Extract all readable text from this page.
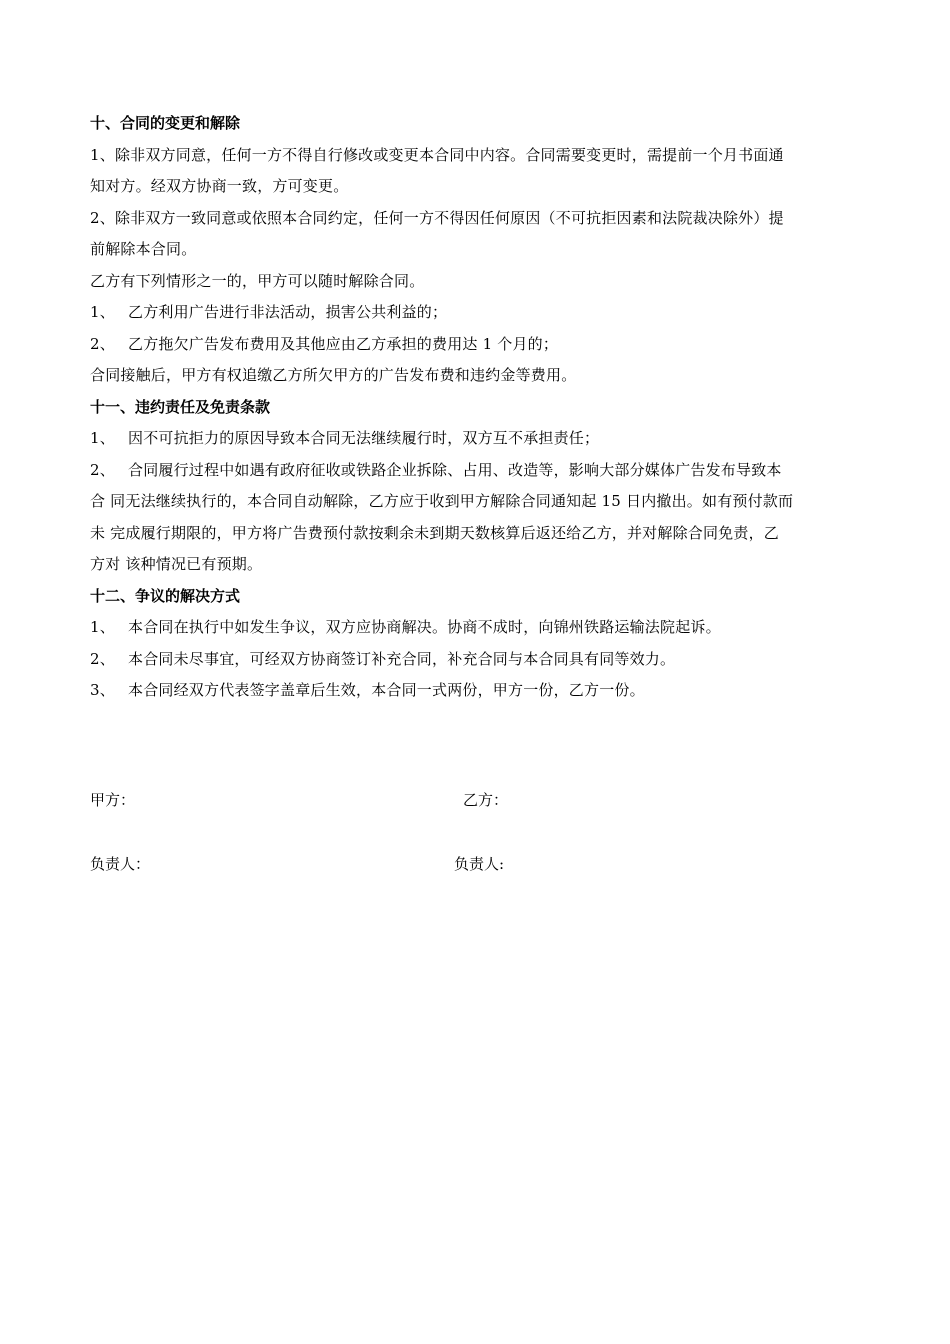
十、合同的变更和解除
1、除非双方同意，任何一方不得自行修改或变更本合同中内容。合同需要变更时，需提前一个月书面通
知对方。经双方协商一致，方可变更。
2、除非双方一致同意或依照本合同约定，任何一方不得因任何原因（不可抗拒因素和法院裁决除外）提
前解除本合同。
乙方有下列情形之一的，甲方可以随时解除合同。
1、 乙方利用广告进行非法活动，损害公共利益的；
2、 乙方拖欠广告发布费用及其他应由乙方承担的费用达 1 个月的；
合同接触后，甲方有权追缴乙方所欠甲方的广告发布费和违约金等费用。
十一、违约责任及免责条款
1、 因不可抗拒力的原因导致本合同无法继续履行时，双方互不承担责任；
2、 合同履行过程中如遇有政府征收或铁路企业拆除、占用、改造等，影响大部分媒体广告发布导致本
合 同无法继续执行的，本合同自动解除，乙方应于收到甲方解除合同通知起 15 日内撤出。如有预付款而
未 完成履行期限的，甲方将广告费预付款按剩余未到期天数核算后返还给乙方，并对解除合同免责，乙
方对 该种情况已有预期。
十二、争议的解决方式
1、 本合同在执行中如发生争议，双方应协商解决。协商不成时，向锦州铁路运输法院起诉。
2、 本合同未尽事宜，可经双方协商签订补充合同，补充合同与本合同具有同等效力。
3、 本合同经双方代表签字盖章后生效，本合同一式两份，甲方一份，乙方一份。
甲方：	乙方：
负责人：	负责人:
